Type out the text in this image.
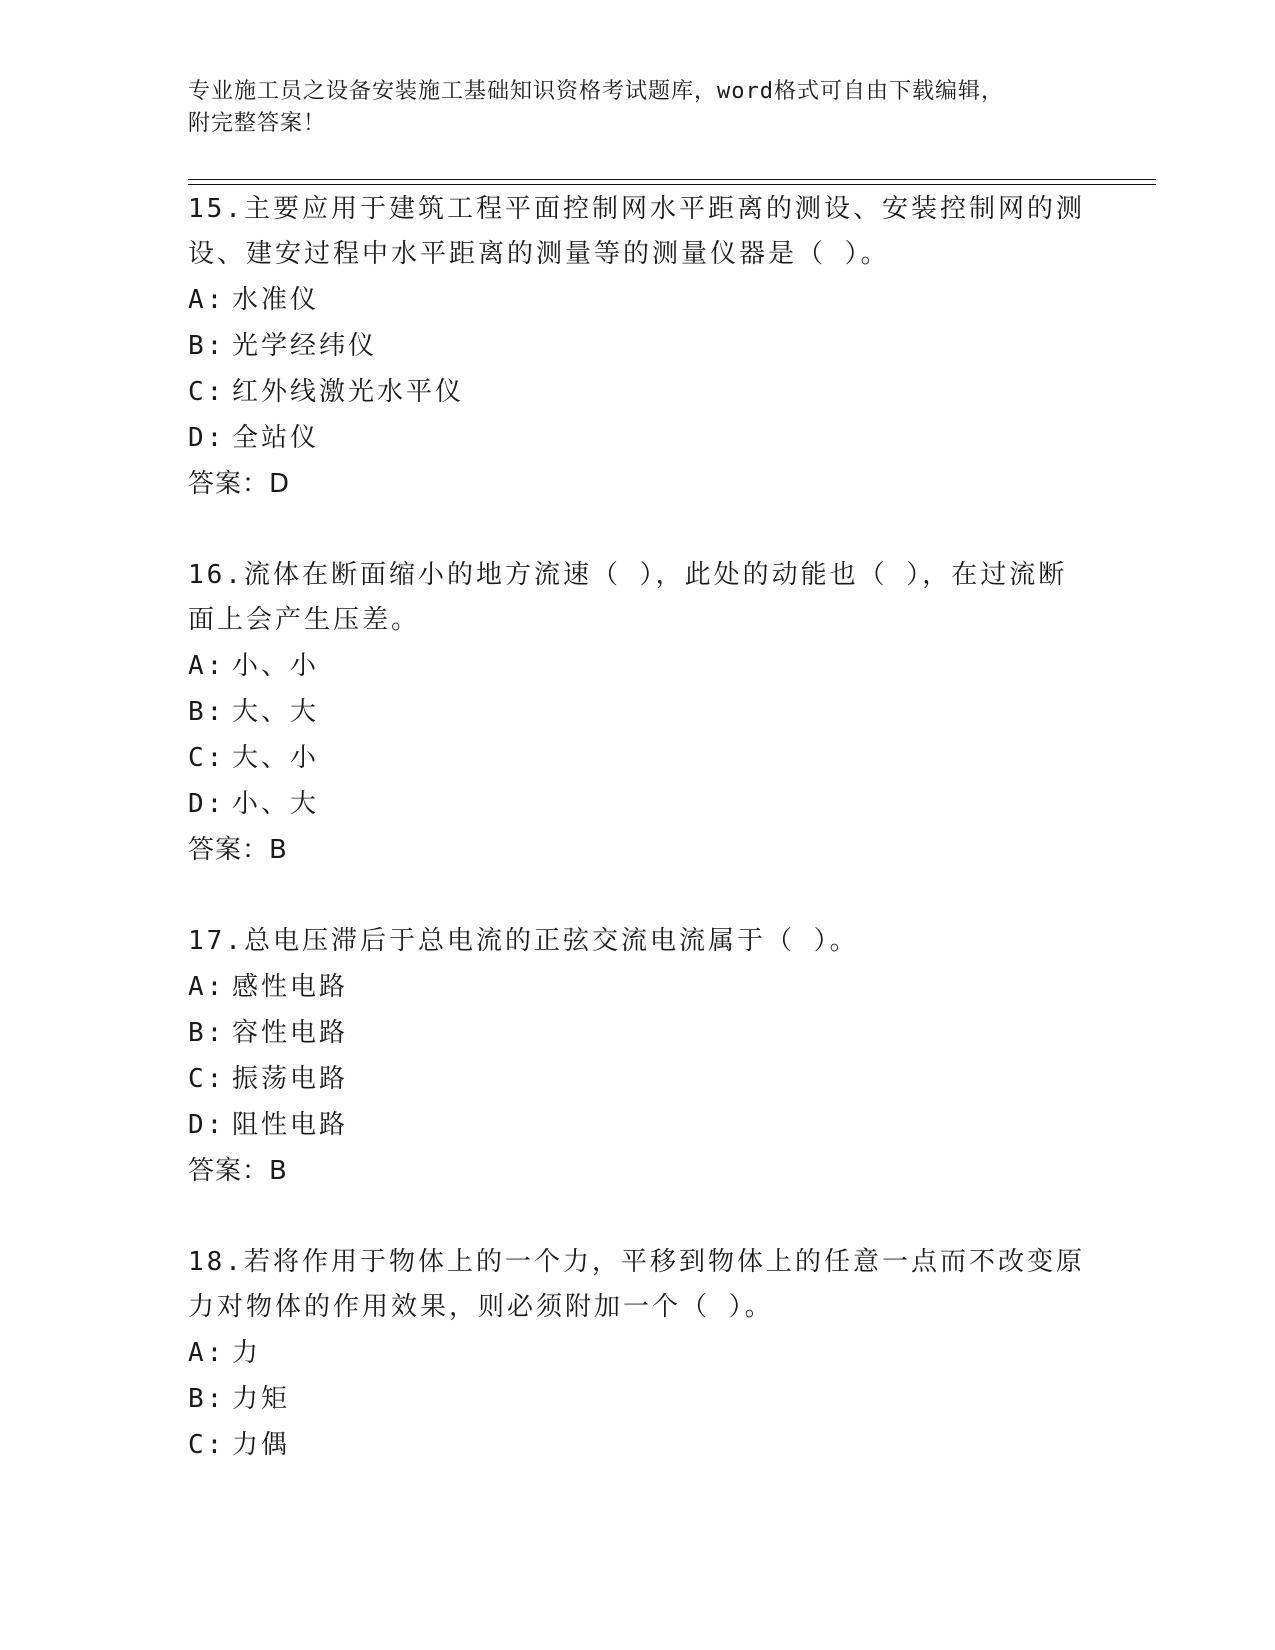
专业施工员之设备安装施工基础知识资格考试题库，word格式可自由下载编辑，
附完整答案！
15.主要应用于建筑工程平面控制网水平距离的测设、安装控制网的测
设、建安过程中水平距离的测量等的测量仪器是（ ）。
A: 水准仪
B: 光学经纬仪
C: 红外线激光水平仪
D: 全站仪
答案：D
16.流体在断面缩小的地方流速（ ），此处的动能也（ ），在过流断
面上会产生压差。
A: 小、小
B: 大、大
C: 大、小
D: 小、大
答案：B
17.总电压滞后于总电流的正弦交流电流属于（ ）。
A: 感性电路
B: 容性电路
C: 振荡电路
D: 阻性电路
答案：B
18.若将作用于物体上的一个力，平移到物体上的任意一点而不改变原
力对物体的作用效果，则必须附加一个（ ）。
A: 力
B: 力矩
C: 力偶
